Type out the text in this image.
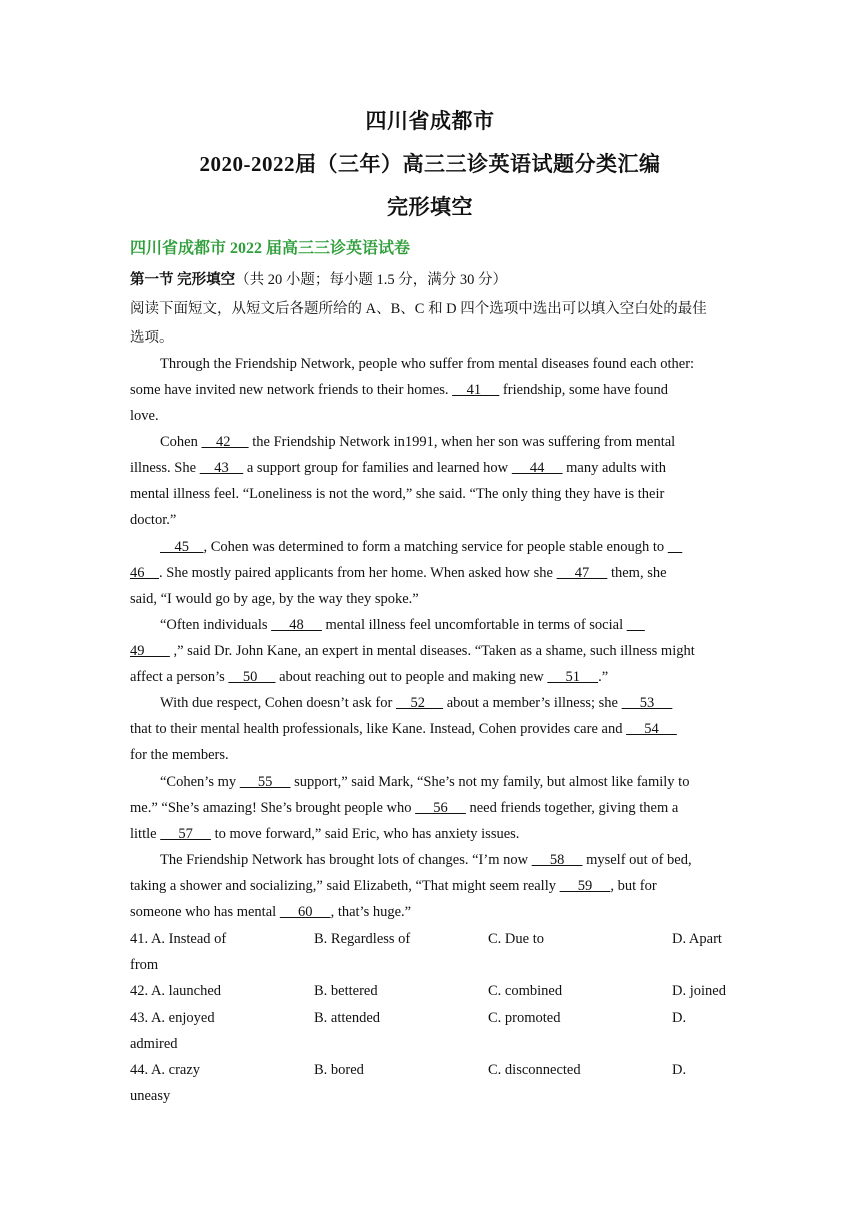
四川省成都市
2020-2022届（三年）高三三诊英语试题分类汇编
完形填空
四川省成都市 2022 届高三三诊英语试卷
第一节 完形填空（共 20 小题；每小题 1.5 分，满分 30 分）
阅读下面短文，从短文后各题所给的 A、B、C 和 D 四个选项中选出可以填入空白处的最佳
选项。
Through the Friendship Network, people who suffer from mental diseases found each other:
some have invited new network friends to their homes.     41      friendship, some have found
love.
Cohen     42      the Friendship Network in1991, when her son was suffering from mental
illness. She     43     a support group for families and learned how      44      many adults with
mental illness feel. “Loneliness is not the word,” she said. “The only thing they have is their
doctor.”
45    , Cohen was determined to form a matching service for people stable enough to
46    . She mostly paired applicants from her home. When asked how she      47      them, she
said, “I would go by age, by the way they spoke.”
“Often individuals      48      mental illness feel uncomfortable in terms of social
49        ,” said Dr. John Kane, an expert in mental diseases. “Taken as a shame, such illness might
affect a person’s     50      about reaching out to people and making new      51     .”
With due respect, Cohen doesn’t ask for     52      about a member’s illness; she      53
that to their mental health professionals, like Kane. Instead, Cohen provides care and      54
for the members.
“Cohen’s my      55      support,” said Mark, “She’s not my family, but almost like family to
me.” “She’s amazing! She’s brought people who      56      need friends together, giving them a
little      57      to move forward,” said Eric, who has anxiety issues.
The Friendship Network has brought lots of changes. “I’m now      58      myself out of bed,
taking a shower and socializing,” said Elizabeth, “That might seem really      59     , but for
someone who has mental      60     , that’s huge.”
41. A. Instead of	B. Regardless of	C. Due to	D. Apart
from
42. A. launched	B. bettered	C. combined	D. joined
43. A. enjoyed	B. attended	C. promoted	D.
admired
44. A. crazy	B. bored	C. disconnected	D.
uneasy
